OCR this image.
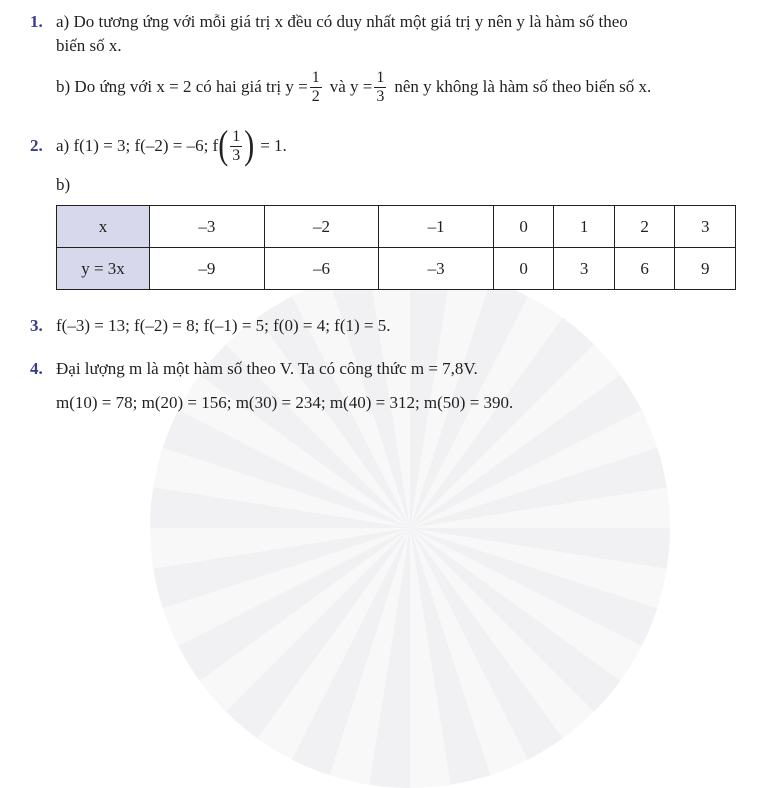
1. a) Do tương ứng với mỗi giá trị x đều có duy nhất một giá trị y nên y là hàm số theo
biến số x.
b) Do ứng với x = 2 có hai giá trị $y = \frac{1}{2}$ và $y = \frac{1}{3}$ nên y không là hàm số theo biến số x.
2. a) f(1) = 3; f(–2) = –6; f ( $\frac{1}{3}$ ) = 1.
b)
x	–3	–2	–1	0	1	2	3
y = 3x	–9	–6	–3	0	3	6	9
3. f(–3) = 13; f(–2) = 8; f(–1) = 5; f(0) = 4; f(1) = 5.
4. Đại lượng m là một hàm số theo V. Ta có công thức m = 7,8V.
m(10) = 78; m(20) = 156; m(30) = 234; m(40) = 312; m(50) = 390.
